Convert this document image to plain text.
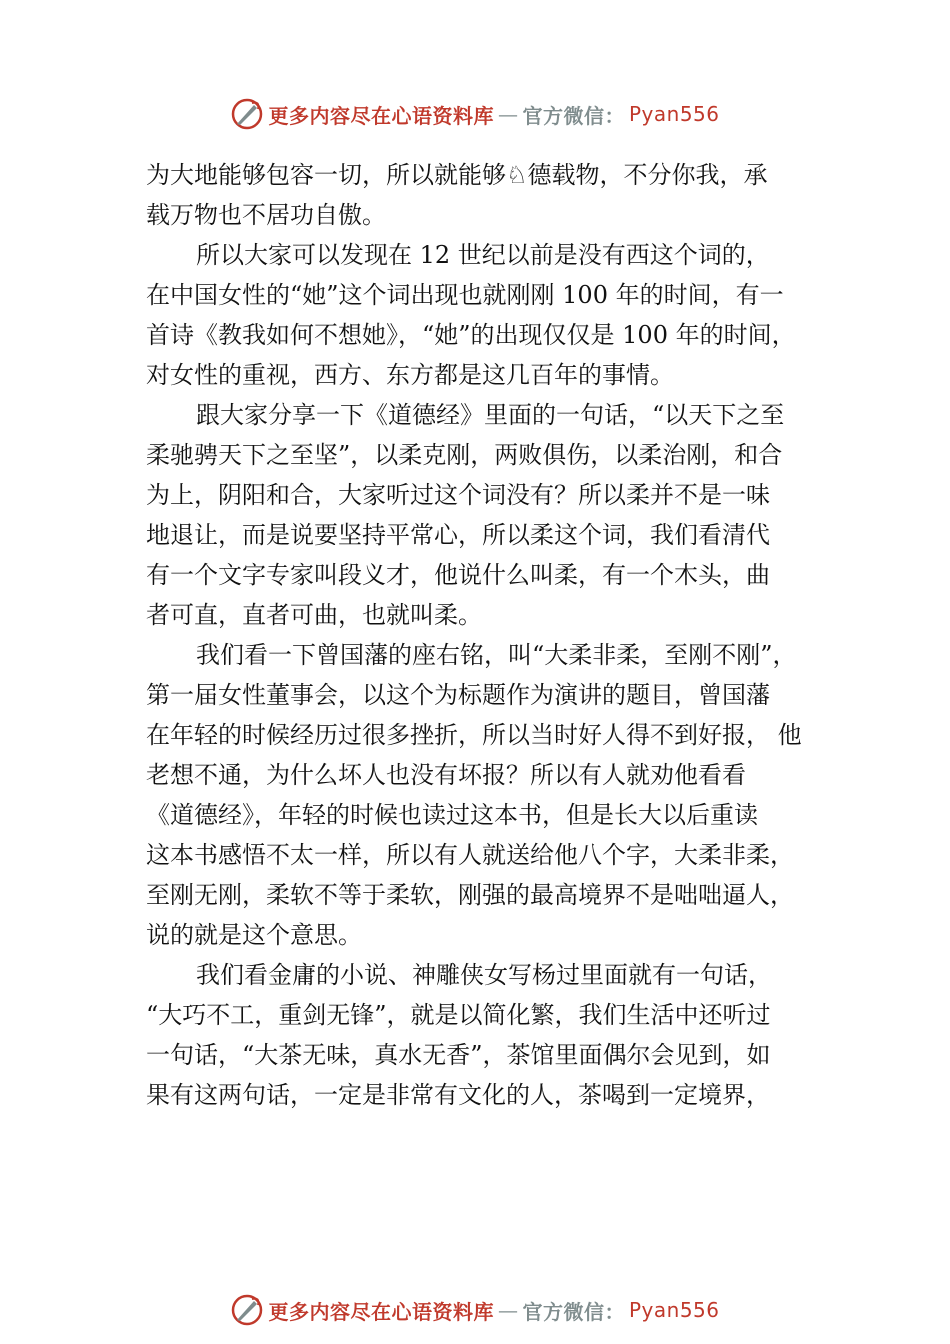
更多内容尽在心语资料库 — 官方微信： Pyan556
为大地能够包容一切，所以就能够♘德载物，不分你我，承
载万物也不居功自傲。
所以大家可以发现在 12 世纪以前是没有西这个词的，
在中国女性的“她”这个词出现也就刚刚 100 年的时间，有一
首诗《教我如何不想她》，“她”的出现仅仅是 100 年的时间，
对女性的重视，西方、东方都是这几百年的事情。
跟大家分享一下《道德经》里面的一句话，“以天下之至
柔驰骋天下之至坚”，以柔克刚，两败俱伤，以柔治刚，和合
为上，阴阳和合，大家听过这个词没有？所以柔并不是一味
地退让，而是说要坚持平常心，所以柔这个词，我们看清代
有一个文字专家叫段义才，他说什么叫柔，有一个木头，曲
者可直，直者可曲，也就叫柔。
我们看一下曾国藩的座右铭，叫“大柔非柔，至刚不刚”，
第一届女性董事会，以这个为标题作为演讲的题目，曾国藩
在年轻的时候经历过很多挫折，所以当时好人得不到好报， 他
老想不通，为什么坏人也没有坏报？所以有人就劝他看看
《道德经》，年轻的时候也读过这本书，但是长大以后重读
这本书感悟不太一样，所以有人就送给他八个字，大柔非柔，
至刚无刚，柔软不等于柔软，刚强的最高境界不是咄咄逼人，
说的就是这个意思。
我们看金庸的小说、神雕侠女写杨过里面就有一句话，
“大巧不工，重剑无锋”，就是以简化繁，我们生活中还听过
一句话，“大茶无味，真水无香”，茶馆里面偶尔会见到，如
果有这两句话，一定是非常有文化的人，茶喝到一定境界，
更多内容尽在心语资料库 — 官方微信： Pyan556
